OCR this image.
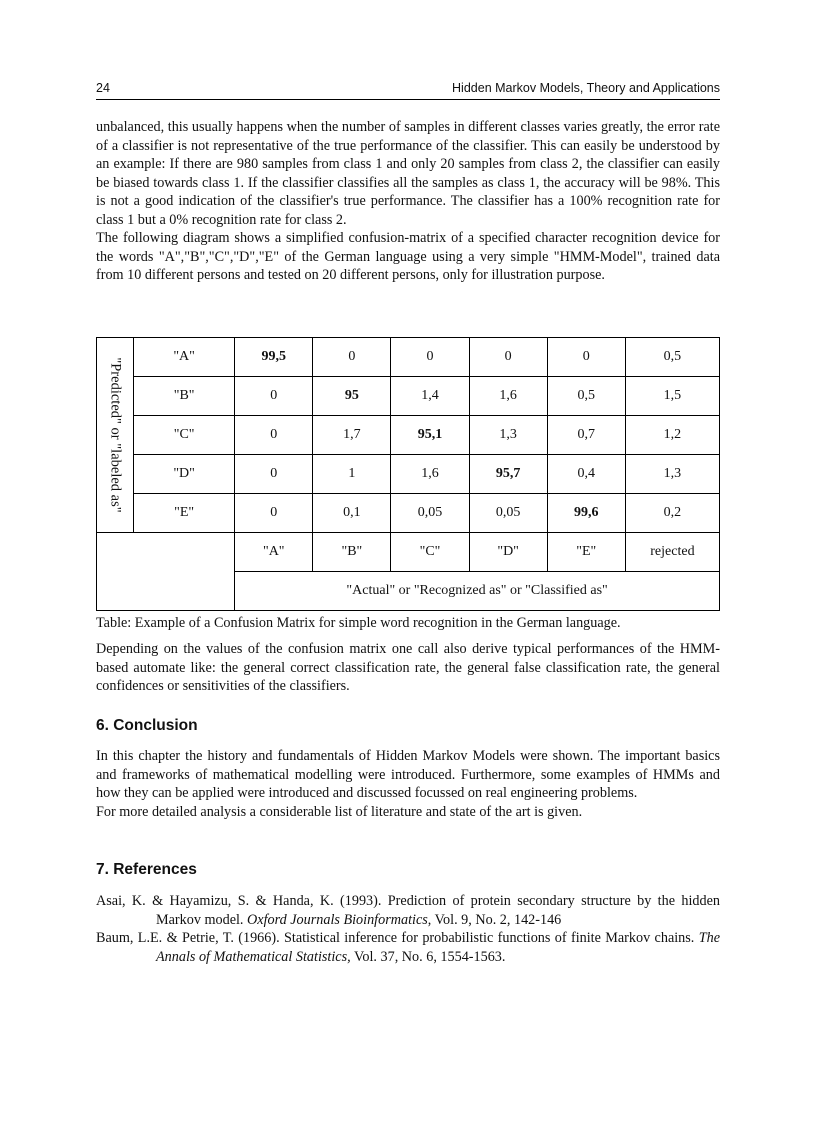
24	Hidden Markov Models, Theory and Applications

unbalanced, this usually happens when the number of samples in different classes varies greatly, the error rate of a classifier is not representative of the true performance of the classifier. This can easily be understood by an example: If there are 980 samples from class 1 and only 20 samples from class 2, the classifier can easily be biased towards class 1. If the classifier classifies all the samples as class 1, the accuracy will be 98%. This is not a good indication of the classifier's true performance. The classifier has a 100% recognition rate for class 1 but a 0% recognition rate for class 2.

The following diagram shows a simplified confusion-matrix of a specified character recognition device for the words "A","B","C","D","E" of the German language using a very simple "HMM-Model", trained data from 10 different persons and tested on 20 different persons, only for illustration purpose.

"Predicted" or "labeled as"	"A"	99,5	0	0	0	0	0,5
	"B"	0	95	1,4	1,6	0,5	1,5
	"C"	0	1,7	95,1	1,3	0,7	1,2
	"D"	0	1	1,6	95,7	0,4	1,3
	"E"	0	0,1	0,05	0,05	99,6	0,2
		"A"	"B"	"C"	"D"	"E"	rejected
		"Actual" or "Recognized as" or "Classified as"					
Table: Example of a Confusion Matrix for simple word recognition in the German language.
Depending on the values of the confusion matrix one call also derive typical performances of the HMM-based automate like: the general correct classification rate, the general false classification rate, the general confidences or sensitivities of the classifiers.
6. Conclusion

In this chapter the history and fundamentals of Hidden Markov Models were shown. The important basics and frameworks of mathematical modelling were introduced. Furthermore, some examples of HMMs and how they can be applied were introduced and discussed focussed on real engineering problems.

For more detailed analysis a considerable list of literature and state of the art is given.

7. References

Asai, K. & Hayamizu, S. & Handa, K. (1993). Prediction of protein secondary structure by the hidden Markov model. Oxford Journals Bioinformatics, Vol. 9, No. 2, 142-146

Baum, L.E. & Petrie, T. (1966). Statistical inference for probabilistic functions of finite Markov chains. The Annals of Mathematical Statistics, Vol. 37, No. 6, 1554-1563.
